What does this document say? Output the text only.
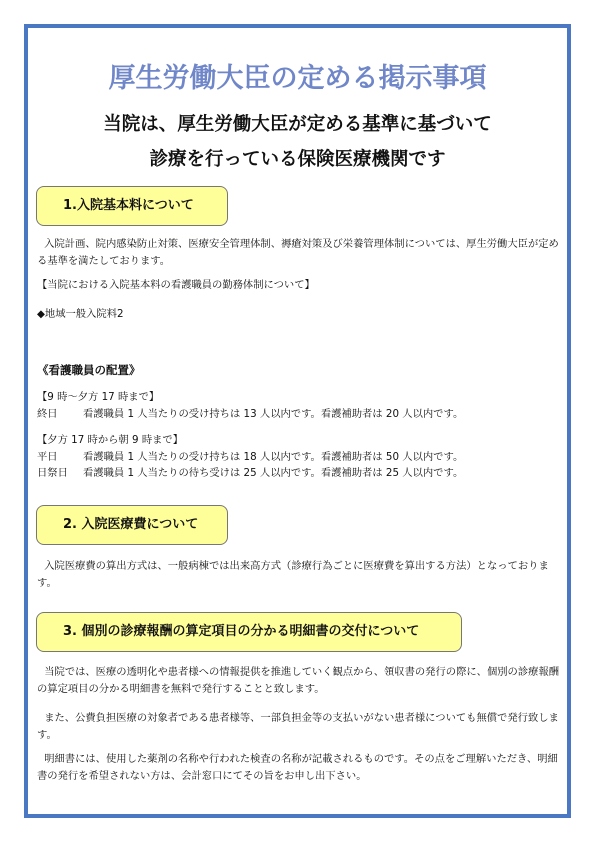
厚生労働大臣の定める掲示事項
当院は、厚生労働大臣が定める基準に基づいて
診療を行っている保険医療機関です
1.入院基本料について

入院計画、院内感染防止対策、医療安全管理体制、褥瘡対策及び栄養管理体制については、厚生労働大臣が定める基準を満たしております。

【当院における入院基本料の看護職員の勤務体制について】
◆地域一般入院料2
《看護職員の配置》
【9 時～夕方 17 時まで】
終日 看護職員 1 人当たりの受け持ちは 13 人以内です。看護補助者は 20 人以内です。
【夕方 17 時から朝 9 時まで】
平日 看護職員 1 人当たりの受け持ちは 18 人以内です。看護補助者は 50 人以内です。
日祭日 看護職員 1 人当たりの待ち受けは 25 人以内です。看護補助者は 25 人以内です。
2. 入院医療費について

入院医療費の算出方式は、一般病棟では出来高方式（診療行為ごとに医療費を算出する方法）となっております。

3. 個別の診療報酬の算定項目の分かる明細書の交付について

当院では、医療の透明化や患者様への情報提供を推進していく観点から、領収書の発行の際に、個別の診療報酬の算定項目の分かる明細書を無料で発行することと致します。

また、公費負担医療の対象者である患者様等、一部負担金等の支払いがない患者様についても無償で発行致します。

明細書には、使用した薬剤の名称や行われた検査の名称が記載されるものです。その点をご理解いただき、明細書の発行を希望されない方は、会計窓口にてその旨をお申し出下さい。
